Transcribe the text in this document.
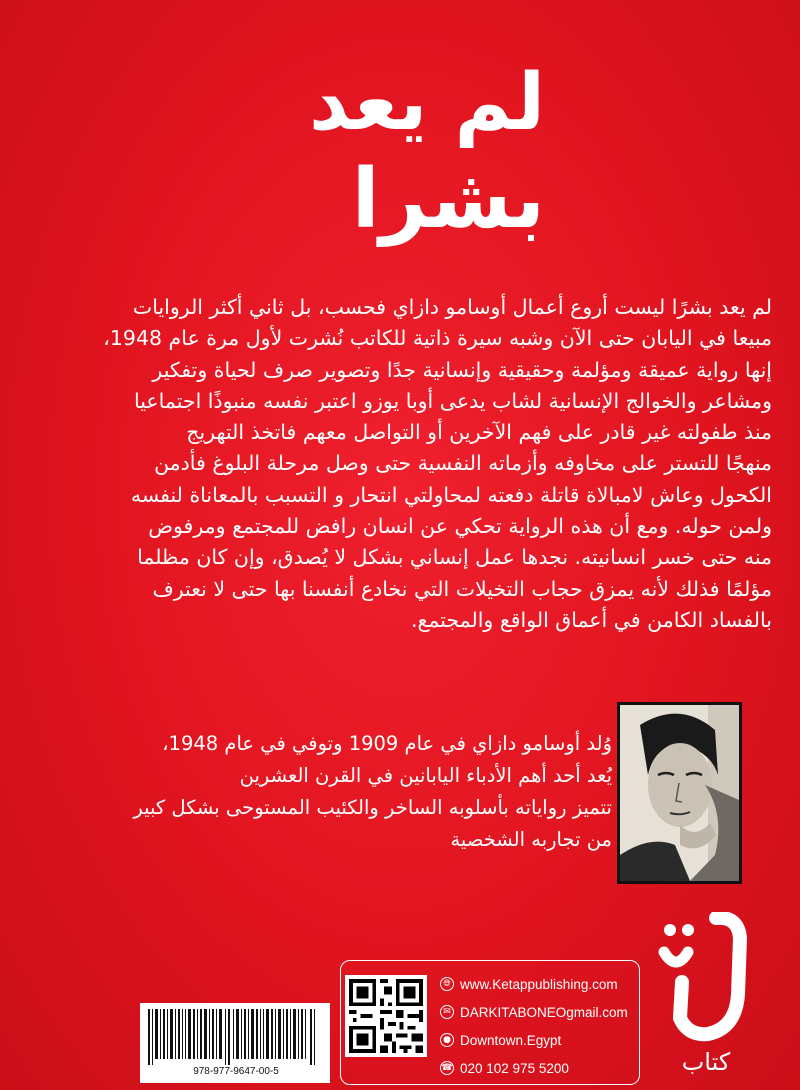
لم يعد
بشرا
لم يعد بشرًا ليست أروع أعمال أوسامو دازاي فحسب، بل ثاني أكثر الروايات
مبيعا في اليابان حتى الآن وشبه سيرة ذاتية للكاتب نُشرت لأول مرة عام 1948،
إنها رواية عميقة ومؤلمة وحقيقية وإنسانية جدًا وتصوير صرف لحياة وتفكير
ومشاعر والخوالج الإنسانية لشاب يدعى أوبا يوزو اعتبر نفسه منبوذًا اجتماعيا
منذ طفولته غير قادر على فهم الآخرين أو التواصل معهم فاتخذ التهريج
منهجًا للتستر على مخاوفه وأزماته النفسية حتى وصل مرحلة البلوغ فأدمن
الكحول وعاش لامبالاة قاتلة دفعته لمحاولتي انتحار و التسبب بالمعاناة لنفسه
ولمن حوله. ومع أن هذه الرواية تحكي عن انسان رافض للمجتمع ومرفوض
منه حتى خسر انسانيته. نجدها عمل إنساني بشكل لا يُصدق، وإن كان مظلما
مؤلمًا فذلك لأنه يمزق حجاب التخيلات التي نخادع أنفسنا بها حتى لا نعترف
بالفساد الكامن في أعماق الواقع والمجتمع.
وُلد أوسامو دازاي في عام 1909 وتوفي في عام 1948،
يُعد أحد أهم الأدباء اليابانين في القرن العشرين
تتميز رواياته بأسلوبه الساخر والكئيب المستوحى بشكل كبير
من تجاربه الشخصية
كتاب
🌐︎ www.Ketappublishing.com
✉ DARKITABONEOgmail.com
● Downtown.Egypt
☎ 020 102 975 5200
978-977-9647-00-5
